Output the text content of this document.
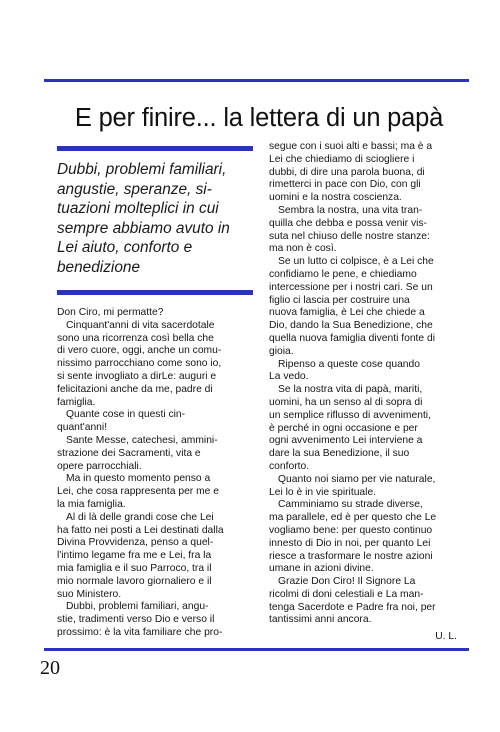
E per finire... la lettera di un papà
Dubbi, problemi familiari,
angustie, speranze, si-
tuazioni molteplici in cui
sempre abbiamo avuto in
Lei aiuto, conforto e
benedizione
Don Ciro, mi permatte?
Cinquant'anni di vita sacerdotale
sono una ricorrenza così bella che
di vero cuore, oggi, anche un comu-
nissimo parrocchiano come sono io,
si sente invogliato a dirLe: auguri e
felicitazioni anche da me, padre di
famiglia.
Quante cose in questi cin-
quant'anni!
Sante Messe, catechesi, ammini-
strazione dei Sacramenti, vita e
opere parrocchiali.
Ma in questo momento penso a
Lei, che cosa rappresenta per me e
la mia famiglia.
Al di là delle grandi cose che Lei
ha fatto nei posti a Lei destinati dalla
Divina Provvidenza, penso a quel-
l'intimo legame fra me e Lei, fra la
mia famiglia e il suo Parroco, tra il
mio normale lavoro giornaliero e il
suo Ministero.
Dubbi, problemi familiari, angu-
stie, tradimenti verso Dio e verso il
prossimo: è la vita familiare che pro-
segue con i suoi alti e bassi; ma è a
Lei che chiediamo di sciogliere i
dubbi, di dire una parola buona, di
rimetterci in pace con Dio, con gli
uomini e la nostra coscienza.
Sembra la nostra, una vita tran-
quilla che debba e possa venir vis-
suta nel chiuso delle nostre stanze:
ma non è così.
Se un lutto ci colpisce, è a Lei che
confidiamo le pene, e chiediamo
intercessione per i nostri cari. Se un
figlio ci lascia per costruire una
nuova famiglia, è Lei che chiede a
Dio, dando la Sua Benedizione, che
quella nuova famiglia diventi fonte di
gioia.
Ripenso a queste cose quando
La vedo.
Se la nostra vita di papà, mariti,
uomini, ha un senso al di sopra di
un semplice riflusso di avvenimenti,
è perché in ogni occasione e per
ogni avvenimento Lei interviene a
dare la sua Benedizione, il suo
conforto.
Quanto noi siamo per vie naturale,
Lei lo è in vie spirituale.
Camminiamo su strade diverse,
ma parallele, ed è per questo che Le
vogliamo bene: per questo continuo
innesto di Dio in noi, per quanto Lei
riesce a trasformare le nostre azioni
umane in azioni divine.
Grazie Don Ciro! Il Signore La
ricolmi di doni celestiali e La man-
tenga Sacerdote e Padre fra noi, per
tantissimi anni ancora.
U. L.
20
